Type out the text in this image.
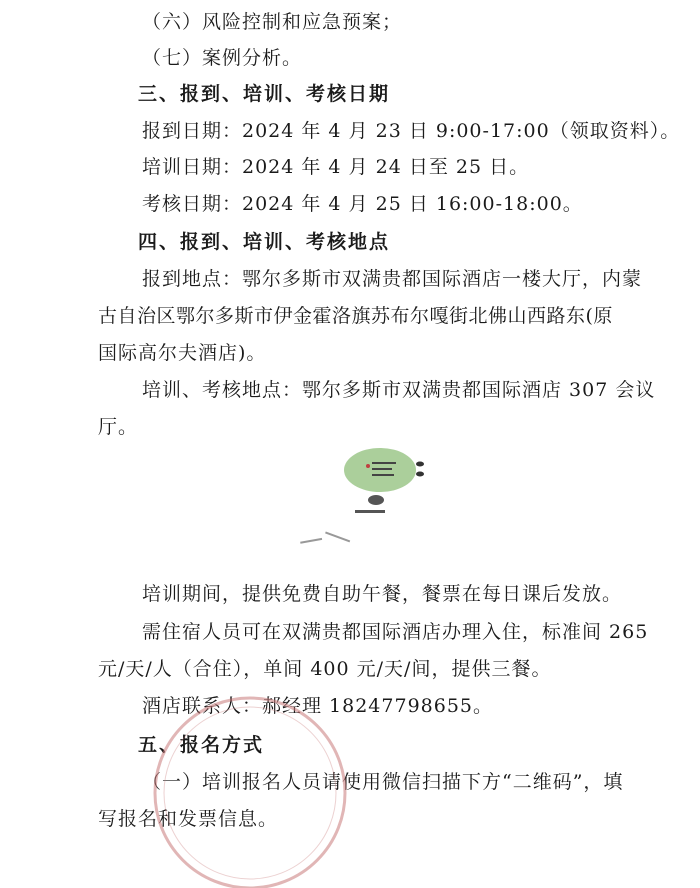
（六）风险控制和应急预案；
（七）案例分析。
三、报到、培训、考核日期
报到日期：2024 年 4 月 23 日 9:00-17:00（领取资料）。
培训日期：2024 年 4 月 24 日至 25 日。
考核日期：2024 年 4 月 25 日 16:00-18:00。
四、报到、培训、考核地点
报到地点：鄂尔多斯市双满贵都国际酒店一楼大厅，内蒙
古自治区鄂尔多斯市伊金霍洛旗苏布尔嘎街北佛山西路东(原
国际高尔夫酒店)。
培训、考核地点：鄂尔多斯市双满贵都国际酒店 307 会议
厅。
培训期间，提供免费自助午餐，餐票在每日课后发放。
需住宿人员可在双满贵都国际酒店办理入住，标准间 265
元/天/人（合住），单间 400 元/天/间，提供三餐。
酒店联系人：郝经理 18247798655。
五、报名方式
（一）培训报名人员请使用微信扫描下方“二维码”，填
写报名和发票信息。
